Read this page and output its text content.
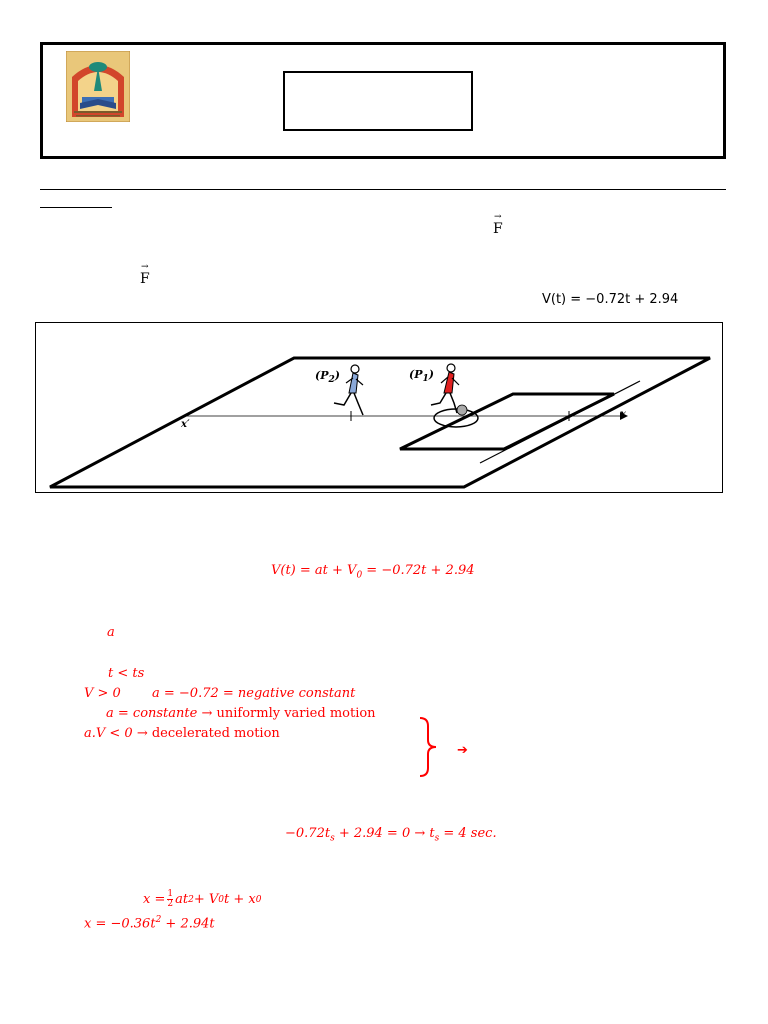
→
F
→
F
V(t) = −0.72t + 2.94
$(P_2)$	$(P_1)$
x′
x
V(t) = at + $V_0 = -0.72t + 2.94$
a
t < ts
V > 0 a = −0.72 = negative constant
a = constante → uniformly varied motion
a.V < 0 → decelerated motion
➔
$-0.72t_s + 2.94 = 0 \to t_s = 4$ sec.
$x = \frac{1}{2}$ at 2 + V 0 t + x 0
$x = -0.36t^2 + 2.94t$
